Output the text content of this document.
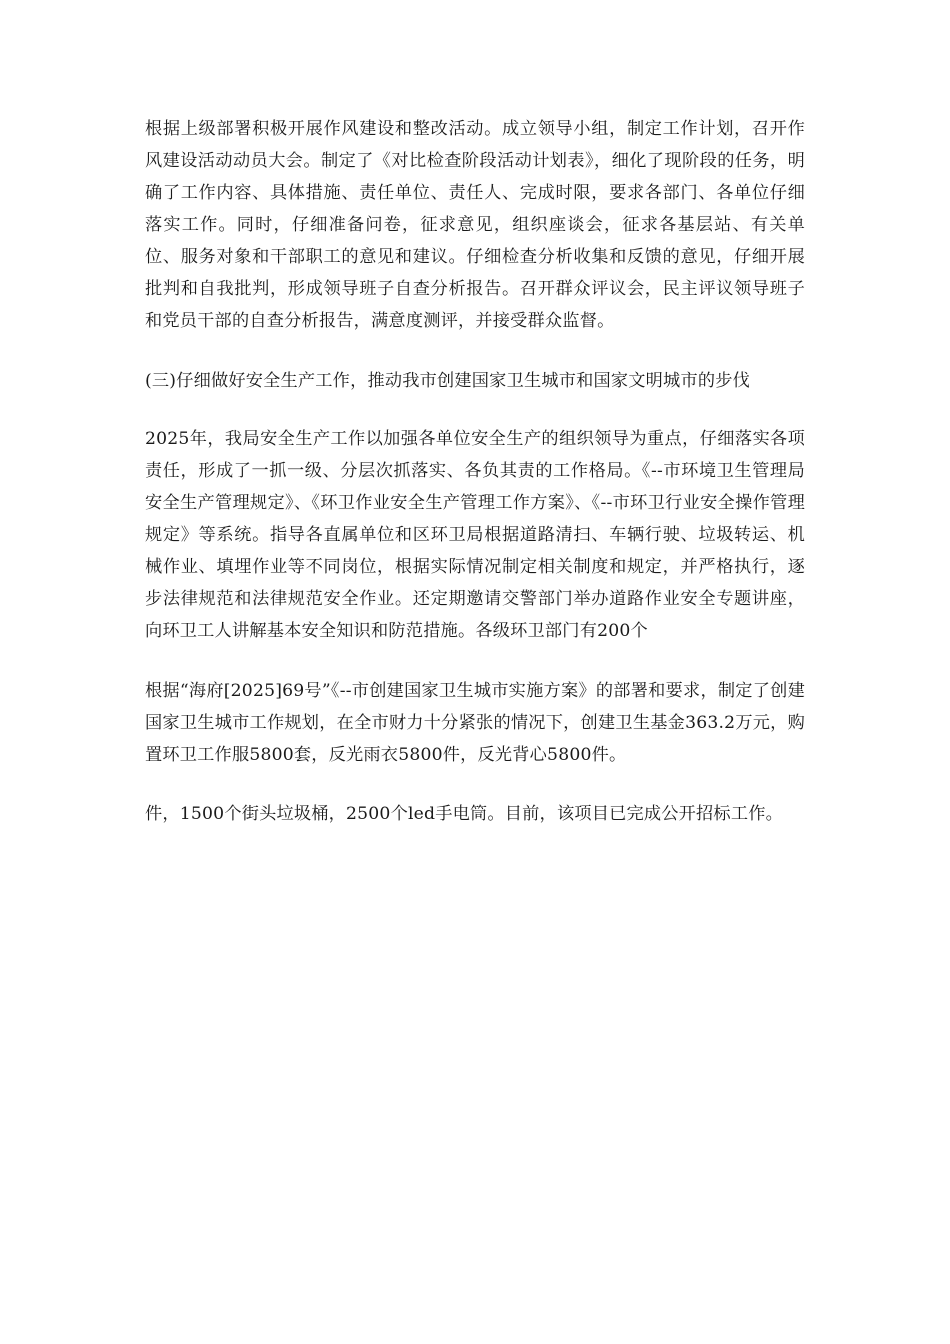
根据上级部署积极开展作风建设和整改活动。成立领导小组，制定工作计划，召开作风建设活动动员大会。制定了《对比检查阶段活动计划表》，细化了现阶段的任务，明确了工作内容、具体措施、责任单位、责任人、完成时限，要求各部门、各单位仔细落实工作。同时，仔细准备问卷，征求意见，组织座谈会，征求各基层站、有关单位、服务对象和干部职工的意见和建议。仔细检查分析收集和反馈的意见，仔细开展批判和自我批判，形成领导班子自查分析报告。召开群众评议会，民主评议领导班子和党员干部的自查分析报告，满意度测评，并接受群众监督。

(三)仔细做好安全生产工作，推动我市创建国家卫生城市和国家文明城市的步伐

2025年，我局安全生产工作以加强各单位安全生产的组织领导为重点，仔细落实各项责任，形成了一抓一级、分层次抓落实、各负其责的工作格局。《--市环境卫生管理局安全生产管理规定》、《环卫作业安全生产管理工作方案》、《--市环卫行业安全操作管理规定》等系统。指导各直属单位和区环卫局根据道路清扫、车辆行驶、垃圾转运、机械作业、填埋作业等不同岗位，根据实际情况制定相关制度和规定，并严格执行，逐步法律规范和法律规范安全作业。还定期邀请交警部门举办道路作业安全专题讲座，向环卫工人讲解基本安全知识和防范措施。各级环卫部门有200个

根据“海府[2025]69号”《--市创建国家卫生城市实施方案》的部署和要求，制定了创建国家卫生城市工作规划，在全市财力十分紧张的情况下，创建卫生基金363.2万元，购置环卫工作服5800套，反光雨衣5800件，反光背心5800件。

件，1500个街头垃圾桶，2500个led手电筒。目前，该项目已完成公开招标工作。
